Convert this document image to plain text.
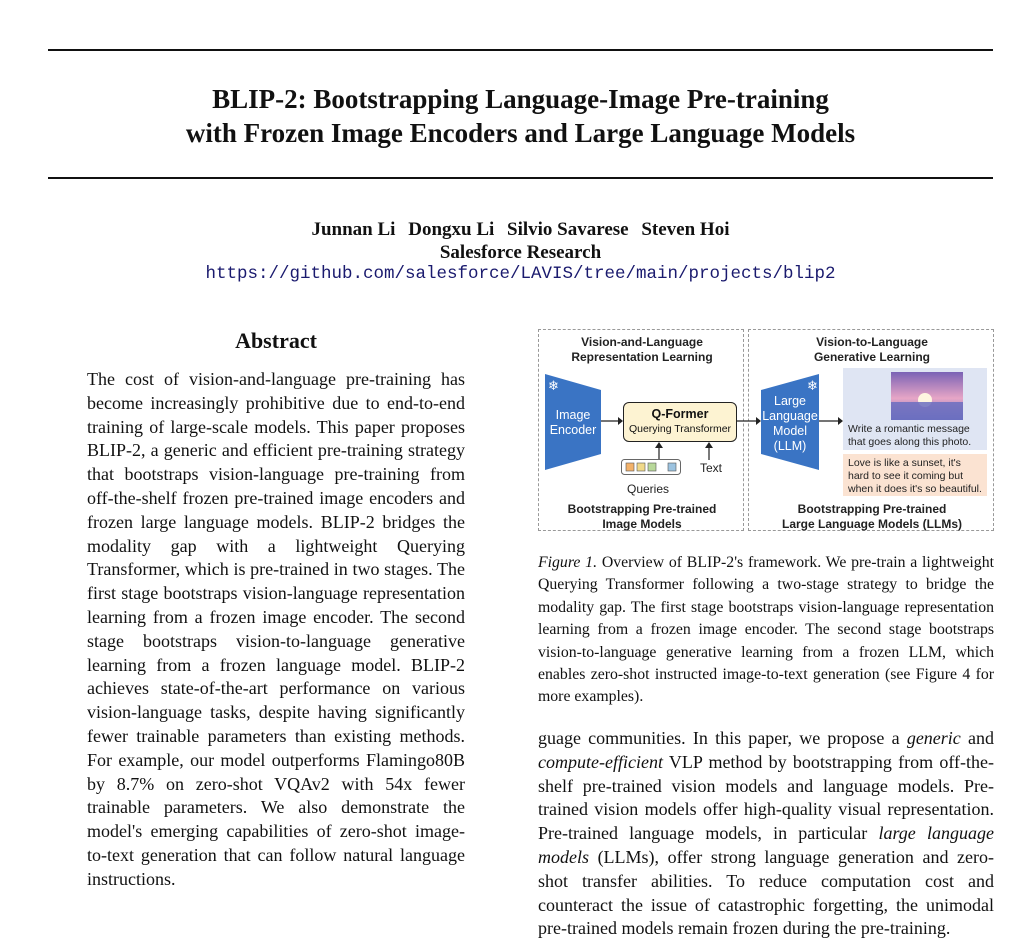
BLIP-2: Bootstrapping Language-Image Pre-training
with Frozen Image Encoders and Large Language Models
Junnan Li Dongxu Li Silvio Savarese Steven Hoi
Salesforce Research
https://github.com/salesforce/LAVIS/tree/main/projects/blip2
Abstract
The cost of vision-and-language pre-training has become increasingly prohibitive due to end-to-end training of large-scale models. This paper proposes BLIP-2, a generic and efficient pre-training strategy that bootstraps vision-language pre-training from off-the-shelf frozen pre-trained image encoders and frozen large language models. BLIP-2 bridges the modality gap with a lightweight Querying Transformer, which is pre-trained in two stages. The first stage bootstraps vision-language representation learning from a frozen image encoder. The second stage bootstraps vision-to-language generative learning from a frozen language model. BLIP-2 achieves state-of-the-art performance on various vision-language tasks, despite having significantly fewer trainable parameters than existing methods. For example, our model outperforms Flamingo80B by 8.7% on zero-shot VQAv2 with 54x fewer trainable parameters. We also demonstrate the model's emerging capabilities of zero-shot image-to-text generation that can follow natural language instructions.
Vision-and-Language
Representation Learning
❄
Image
Encoder
Q-Former
Querying Transformer
Queries
Text
Bootstrapping Pre-trained
Image Models
Vision-to-Language
Generative Learning
❄
Large
Language
Model
(LLM)
Write a romantic message that goes along this photo.
Love is like a sunset, it's hard to see it coming but when it does it's so beautiful.
Bootstrapping Pre-trained
Large Language Models (LLMs)
Figure 1. Overview of BLIP-2's framework. We pre-train a lightweight Querying Transformer following a two-stage strategy to bridge the modality gap. The first stage bootstraps vision-language representation learning from a frozen image encoder. The second stage bootstraps vision-to-language generative learning from a frozen LLM, which enables zero-shot instructed image-to-text generation (see Figure 4 for more examples).
guage communities. In this paper, we propose a generic and compute-efficient VLP method by bootstrapping from off-the-shelf pre-trained vision models and language models. Pre-trained vision models offer high-quality visual representation. Pre-trained language models, in particular large language models (LLMs), offer strong language generation and zero-shot transfer abilities. To reduce computation cost and counteract the issue of catastrophic forgetting, the unimodal pre-trained models remain frozen during the pre-training.
